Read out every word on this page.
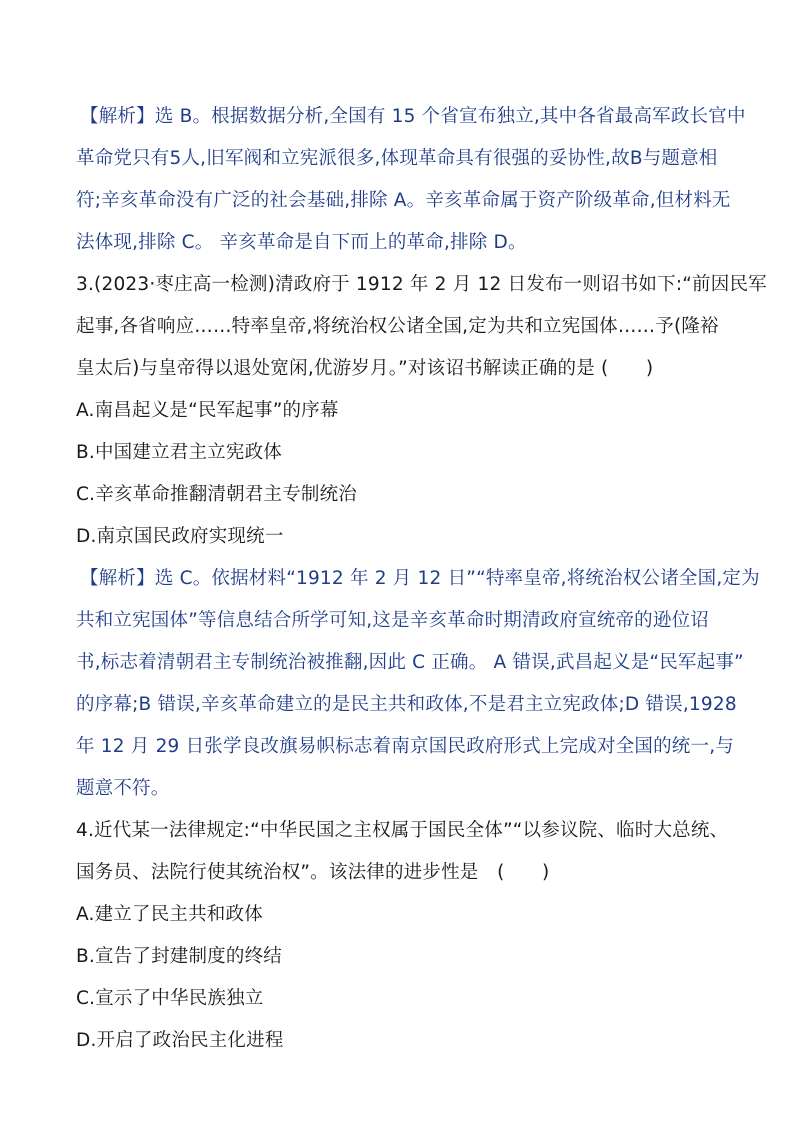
【解析】选 B。根据数据分析,全国有 15 个省宣布独立,其中各省最高军政长官中
革命党只有5人,旧军阀和立宪派很多,体现革命具有很强的妥协性,故B与题意相
符;辛亥革命没有广泛的社会基础,排除 A。辛亥革命属于资产阶级革命,但材料无
法体现,排除 C。 辛亥革命是自下而上的革命,排除 D。
3.(2023·枣庄高一检测)清政府于 1912 年 2 月 12 日发布一则诏书如下:“前因民军
起事,各省响应……特率皇帝,将统治权公诸全国,定为共和立宪国体……予(隆裕
皇太后)与皇帝得以退处宽闲,优游岁月。”对该诏书解读正确的是 (　　)
A.南昌起义是“民军起事”的序幕
B.中国建立君主立宪政体
C.辛亥革命推翻清朝君主专制统治
D.南京国民政府实现统一
【解析】选 C。依据材料“1912 年 2 月 12 日”“特率皇帝,将统治权公诸全国,定为
共和立宪国体”等信息结合所学可知,这是辛亥革命时期清政府宣统帝的逊位诏
书,标志着清朝君主专制统治被推翻,因此 C 正确。 A 错误,武昌起义是“民军起事”
的序幕;B 错误,辛亥革命建立的是民主共和政体,不是君主立宪政体;D 错误,1928
年 12 月 29 日张学良改旗易帜标志着南京国民政府形式上完成对全国的统一,与
题意不符。
4.近代某一法律规定:“中华民国之主权属于国民全体”“以参议院、临时大总统、
国务员、法院行使其统治权”。该法律的进步性是　(　　)
A.建立了民主共和政体
B.宣告了封建制度的终结
C.宣示了中华民族独立
D.开启了政治民主化进程
